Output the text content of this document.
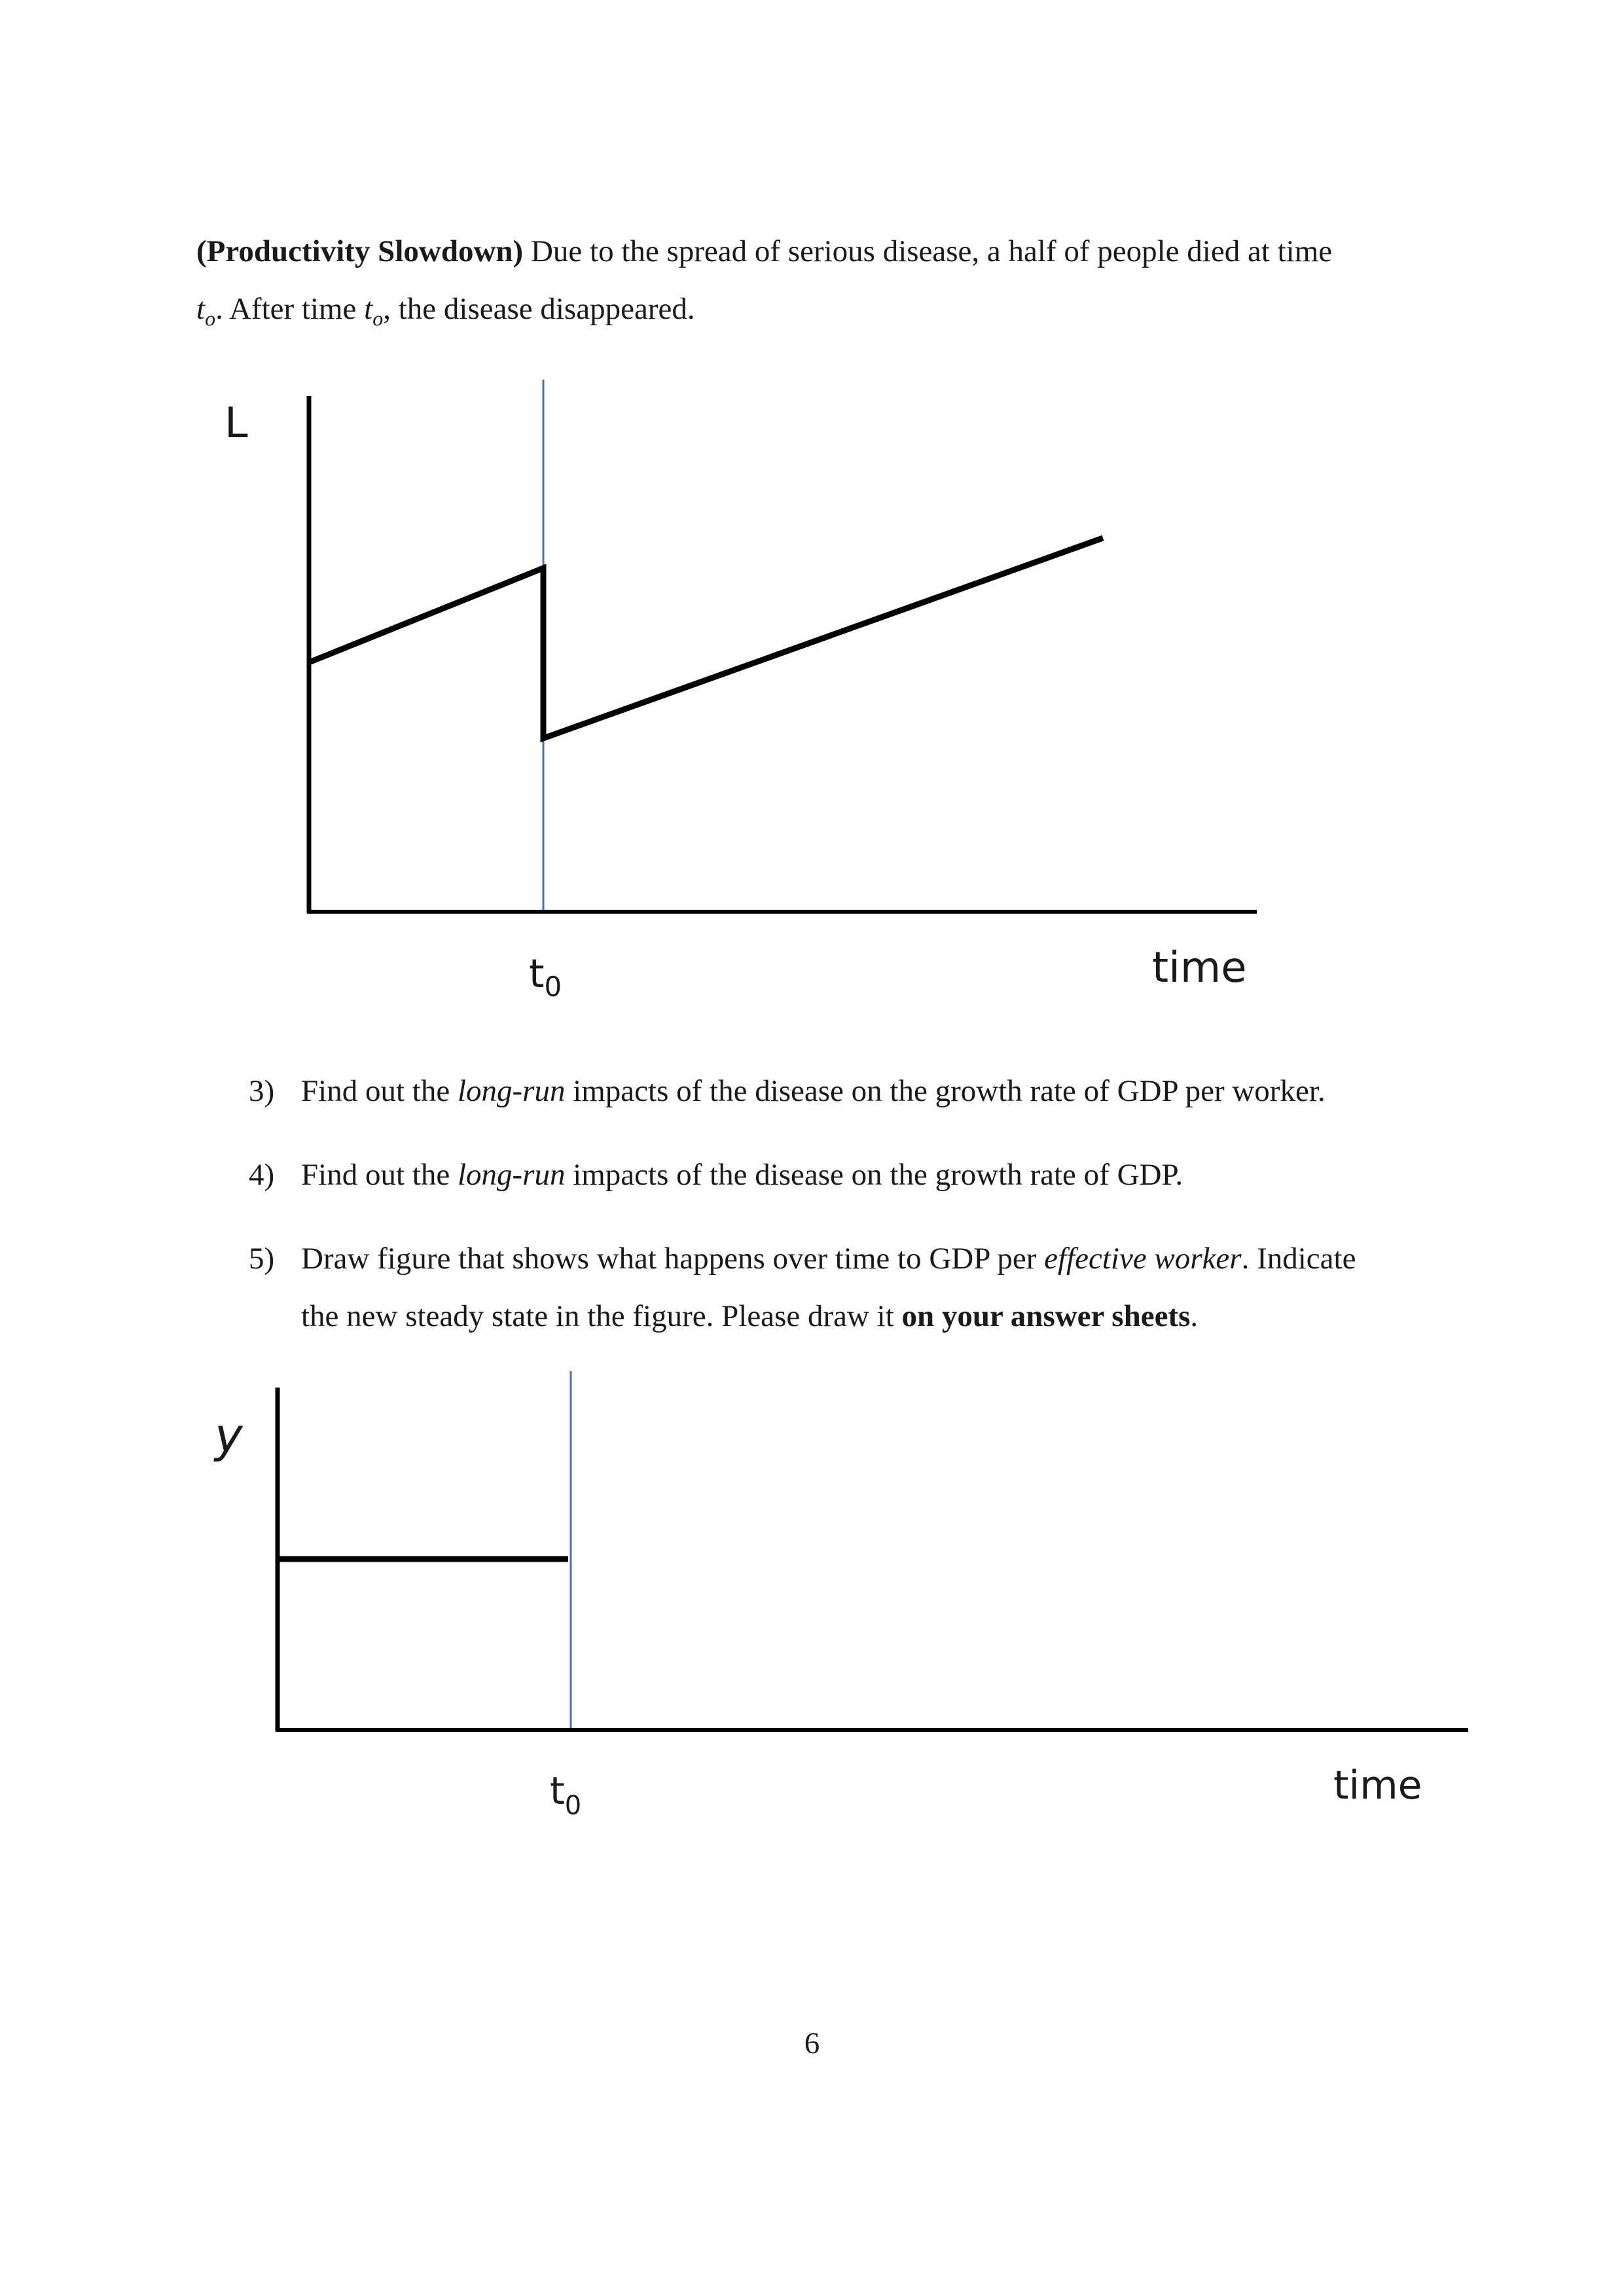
(Productivity Slowdown) Due to the spread of serious disease, a half of people died at time
$t_o$. After time $t_o$, the disease disappeared.
L
$t_0$	time
3) Find out the long-run impacts of the disease on the growth rate of GDP per worker.
4) Find out the long-run impacts of the disease on the growth rate of GDP.
5) Draw figure that shows what happens over time to GDP per effective worker. Indicate
the new steady state in the figure. Please draw it on your answer sheets.
y
$t_0$	time
6
